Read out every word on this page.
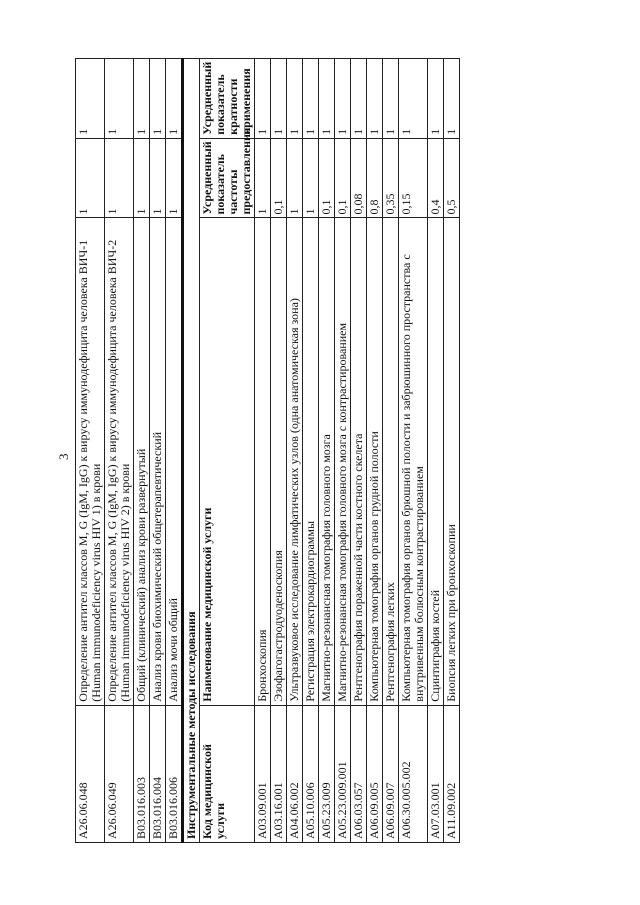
3
A26.06.048	Определение антител классов M, G (IgM, IgG) к вирусу иммунодефицита человека ВИЧ-1 (Human immunodeficiency virus HIV 1) в крови	1	1
A26.06.049	Определение антител классов M, G (IgM, IgG) к вирусу иммунодефицита человека ВИЧ-2 (Human immunodeficiency virus HIV 2) в крови	1	1
B03.016.003	Общий (клинический) анализ крови развернутый	1	1
B03.016.004	Анализ крови биохимический общетерапевтический	1	1
B03.016.006	Анализ мочи общий	1	1
Инструментальные методы исследования			
Код медицинской услуги	Наименование медицинской услуги	Усредненный показатель частоты предоставления	Усредненный показатель кратности применения
A03.09.001	Бронхоскопия	1	1
A03.16.001	Эзофагогастродуоденоскопия	0,1	1
A04.06.002	Ультразвуковое исследование лимфатических узлов (одна анатомическая зона)	1	1
A05.10.006	Регистрация электрокардиограммы	1	1
A05.23.009	Магнитно-резонансная томография головного мозга	0,1	1
A05.23.009.001	Магнитно-резонансная томография головного мозга с контрастированием	0,1	1
A06.03.057	Рентгенография пораженной части костного скелета	0,08	1
A06.09.005	Компьютерная томография органов грудной полости	0,8	1
A06.09.007	Рентгенография легких	0,35	1
A06.30.005.002	Компьютерная томография органов брюшной полости и забрюшинного пространства с внутривенным болюсным контрастированием	0,15	1
A07.03.001	Сцинтиграфия костей	0,4	1
A11.09.002	Биопсия легких при бронхоскопии	0,5	1
